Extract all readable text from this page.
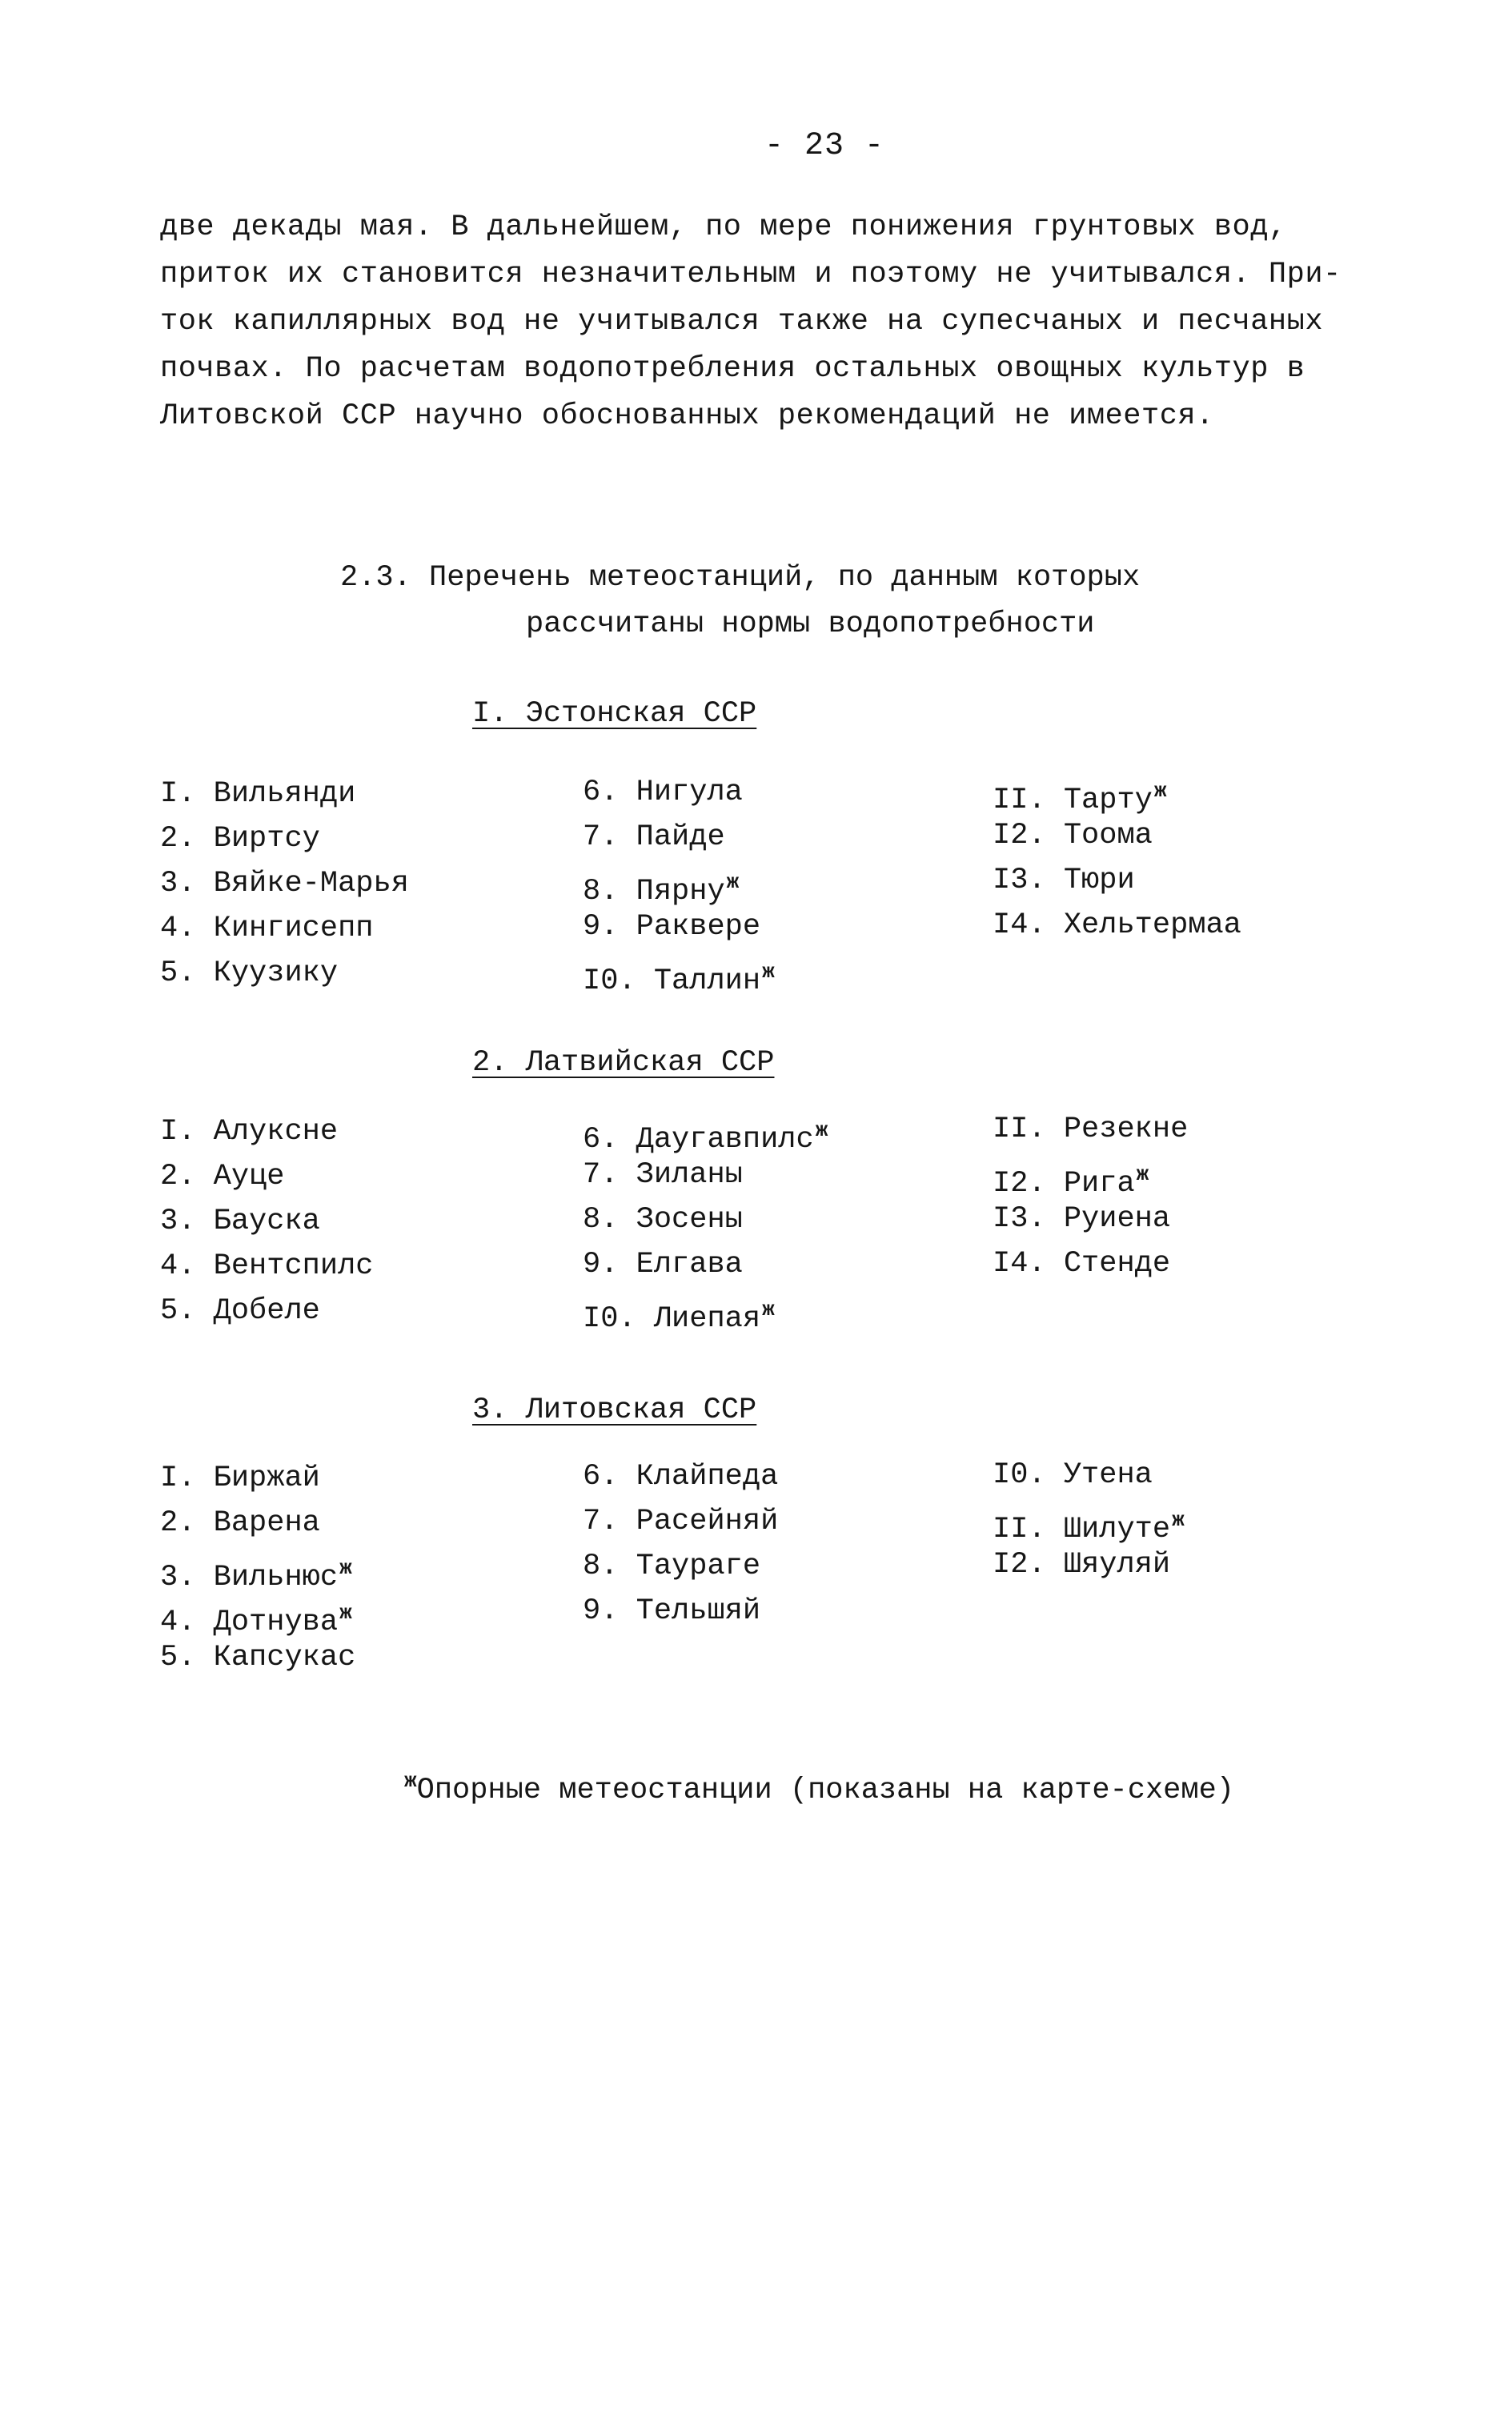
- 23 -
две декады мая. В дальнейшем, по мере понижения грунтовых вод,
приток их становится незначительным и поэтому не учитывался. При-
ток капиллярных вод не учитывался также на супесчаных и песчаных
почвах. По расчетам водопотребления остальных овощных культур в
Литовской ССР научно обоснованных рекомендаций не имеется.
2.3. Перечень метеостанций, по данным которых
рассчитаны нормы водопотребности
I. Эстонская ССР
I. Вильянди
2. Виртсу
3. Вяйке-Марья
4. Кингисепп
5. Куузику
6. Нигула
7. Пайде
8. Пярну$^ж$
9. Раквере
I0. Таллин$^ж$
II. Тарту$^ж$
I2. Тоома
I3. Тюри
I4. Хельтермаа
2. Латвийская ССР
I. Алуксне
2. Ауце
3. Бауска
4. Вентспилс
5. Добеле
6. Даугавпилс$^ж$
7. Зиланы
8. Зосены
9. Елгава
I0. Лиепая$^ж$
II. Резекне
I2. Рига$^ж$
I3. Руиена
I4. Стенде
3. Литовская ССР
I. Биржай
2. Варена
3. Вильнюс$^ж$
4. Дотнува$^ж$
5. Капсукас
6. Клайпеда
7. Расейняй
8. Таураге
9. Тельшяй
I0. Утена
II. Шилуте$^ж$
I2. Шяуляй
$^ж$Опорные метеостанции (показаны на карте-схеме)
